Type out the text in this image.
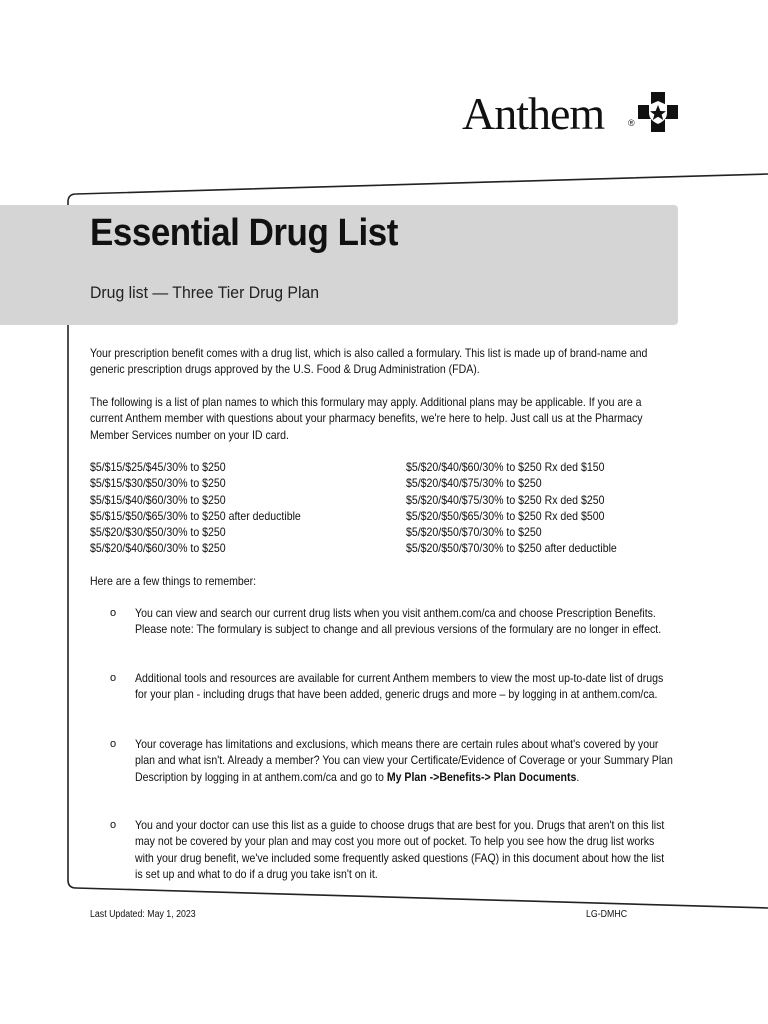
Anthem	®
Essential Drug List
Drug list — Three Tier Drug Plan
Your prescription benefit comes with a drug list, which is also called a formulary. This list is made up of brand-name and generic prescription drugs approved by the U.S. Food & Drug Administration (FDA).
The following is a list of plan names to which this formulary may apply. Additional plans may be applicable. If you are a current Anthem member with questions about your pharmacy benefits, we're here to help. Just call us at the Pharmacy Member Services number on your ID card.
$5/$15/$25/$45/30% to $250
$5/$15/$30/$50/30% to $250
$5/$15/$40/$60/30% to $250
$5/$15/$50/$65/30% to $250 after deductible
$5/$20/$30/$50/30% to $250
$5/$20/$40/$60/30% to $250
$5/$20/$40/$60/30% to $250 Rx ded $150
$5/$20/$40/$75/30% to $250
$5/$20/$40/$75/30% to $250 Rx ded $250
$5/$20/$50/$65/30% to $250 Rx ded $500
$5/$20/$50/$70/30% to $250
$5/$20/$50/$70/30% to $250 after deductible
Here are a few things to remember:
o You can view and search our current drug lists when you visit anthem.com/ca and choose Prescription Benefits. Please note: The formulary is subject to change and all previous versions of the formulary are no longer in effect.
o Additional tools and resources are available for current Anthem members to view the most up-to-date list of drugs for your plan - including drugs that have been added, generic drugs and more – by logging in at anthem.com/ca.
o Your coverage has limitations and exclusions, which means there are certain rules about what's covered by your plan and what isn't. Already a member? You can view your Certificate/Evidence of Coverage or your Summary Plan Description by logging in at anthem.com/ca and go to My Plan ->Benefits-> Plan Documents.
o You and your doctor can use this list as a guide to choose drugs that are best for you. Drugs that aren't on this list may not be covered by your plan and may cost you more out of pocket. To help you see how the drug list works with your drug benefit, we've included some frequently asked questions (FAQ) in this document about how the list is set up and what to do if a drug you take isn't on it.
Last Updated: May 1, 2023	LG-DMHC
